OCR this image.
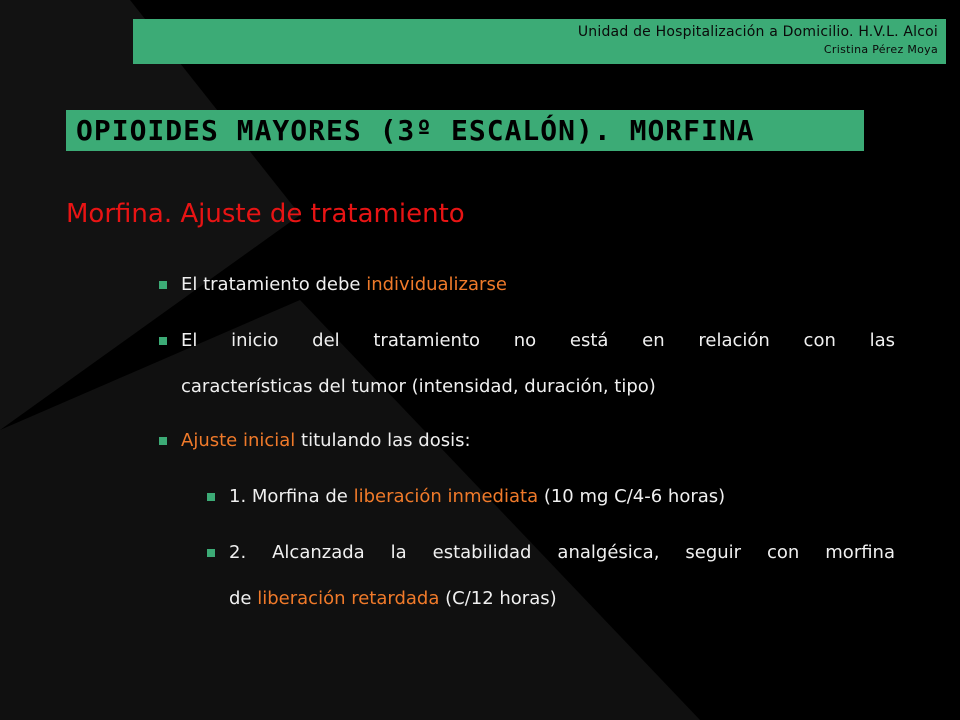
Unidad de Hospitalización a Domicilio. H.V.L. Alcoi
Cristina Pérez Moya
OPIOIDES MAYORES (3º ESCALÓN). MORFINA
Morfina. Ajuste de tratamiento
El tratamiento debe individualizarse
El inicio del tratamiento no está en relación con las
características del tumor (intensidad, duración, tipo)
Ajuste inicial titulando las dosis:
1. Morfina de liberación inmediata (10 mg C/4-6 horas)
2. Alcanzada la estabilidad analgésica, seguir con morfina
de liberación retardada (C/12 horas)
